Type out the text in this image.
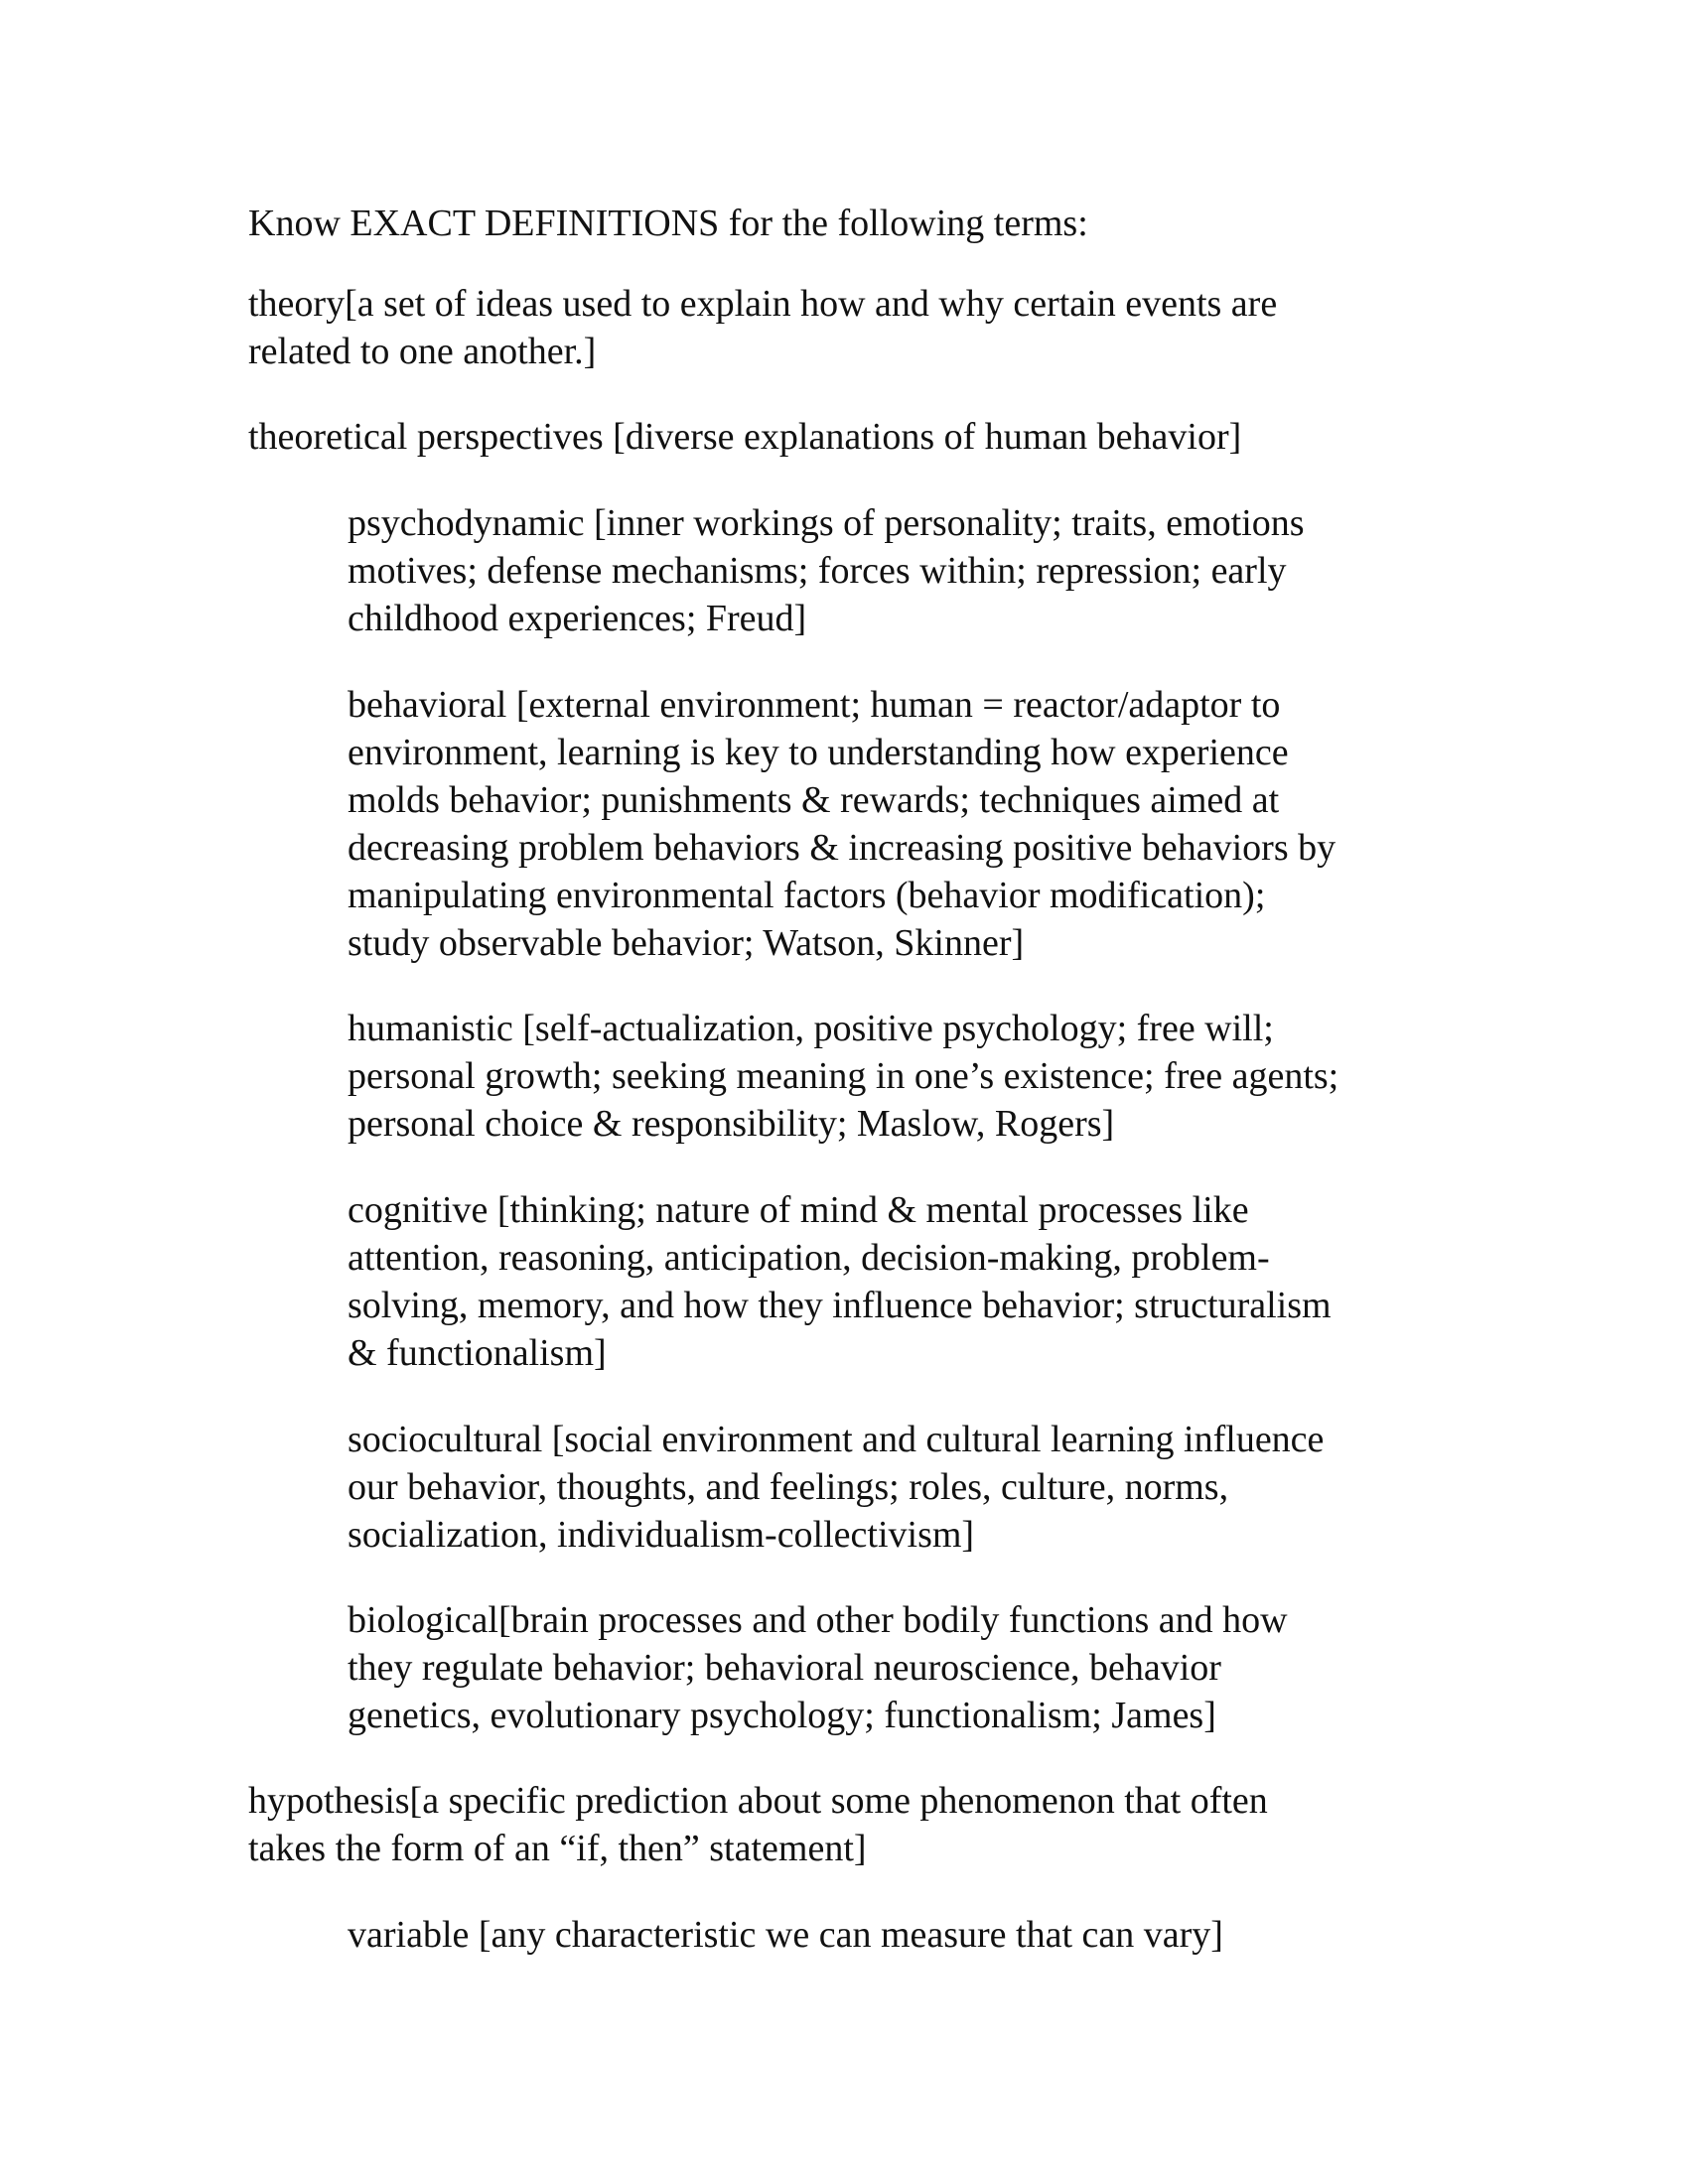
Know EXACT DEFINITIONS for the following terms:

theory[a set of ideas used to explain how and why certain events are
related to one another.]

theoretical perspectives [diverse explanations of human behavior]

psychodynamic [inner workings of personality; traits, emotions
motives; defense mechanisms; forces within; repression; early
childhood experiences; Freud]

behavioral [external environment; human = reactor/adaptor to
environment, learning is key to understanding how experience
molds behavior; punishments & rewards; techniques aimed at
decreasing problem behaviors & increasing positive behaviors by
manipulating environmental factors (behavior modification);
study observable behavior; Watson, Skinner]

humanistic [self-actualization, positive psychology; free will;
personal growth; seeking meaning in one’s existence; free agents;
personal choice & responsibility; Maslow, Rogers]

cognitive [thinking; nature of mind & mental processes like
attention, reasoning, anticipation, decision-making, problem-
solving, memory, and how they influence behavior; structuralism
& functionalism]

sociocultural [social environment and cultural learning influence
our behavior, thoughts, and feelings; roles, culture, norms,
socialization, individualism-collectivism]

biological[brain processes and other bodily functions and how
they regulate behavior; behavioral neuroscience, behavior
genetics, evolutionary psychology; functionalism; James]

hypothesis[a specific prediction about some phenomenon that often
takes the form of an “if, then” statement]

variable [any characteristic we can measure that can vary]
